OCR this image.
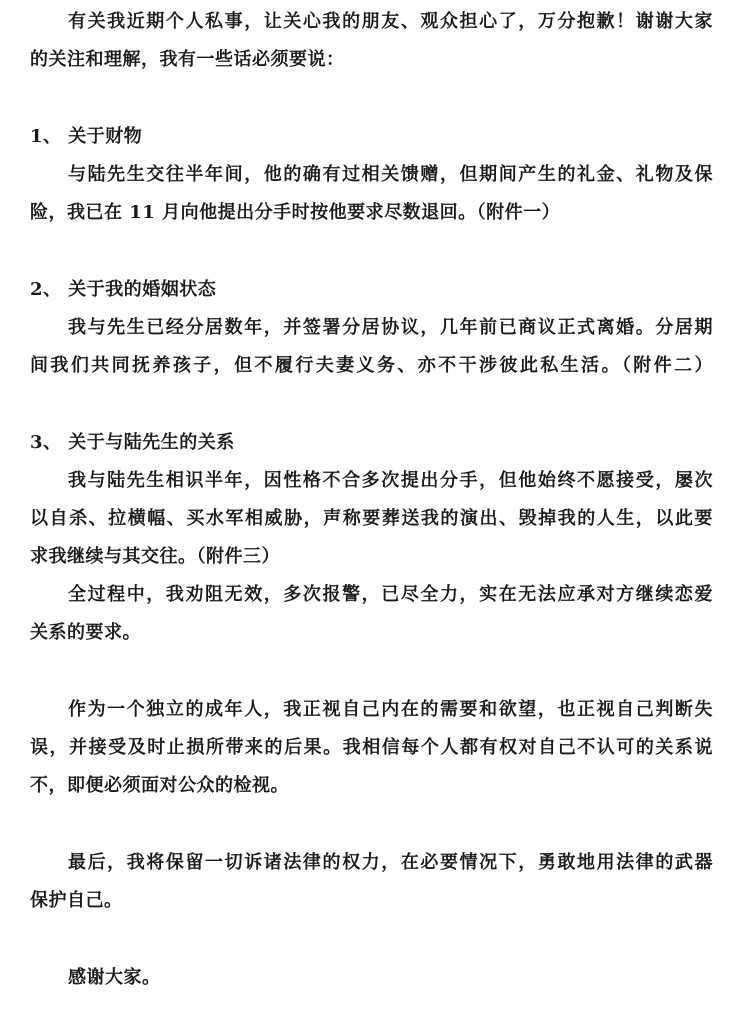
有关我近期个人私事，让关心我的朋友、观众担心了，万分抱歉！谢谢大家
的关注和理解，我有一些话必须要说：
1、 关于财物
与陆先生交往半年间，他的确有过相关馈赠，但期间产生的礼金、礼物及保
险，我已在 11 月向他提出分手时按他要求尽数退回。（附件一）
2、 关于我的婚姻状态
我与先生已经分居数年，并签署分居协议，几年前已商议正式离婚。分居期
间我们共同抚养孩子，但不履行夫妻义务、亦不干涉彼此私生活。（附件二）
3、 关于与陆先生的关系
我与陆先生相识半年，因性格不合多次提出分手，但他始终不愿接受，屡次
以自杀、拉横幅、买水军相威胁，声称要葬送我的演出、毁掉我的人生，以此要
求我继续与其交往。（附件三）
全过程中，我劝阻无效，多次报警，已尽全力，实在无法应承对方继续恋爱
关系的要求。
作为一个独立的成年人，我正视自己内在的需要和欲望，也正视自己判断失
误，并接受及时止损所带来的后果。我相信每个人都有权对自己不认可的关系说
不，即便必须面对公众的检视。
最后，我将保留一切诉诸法律的权力，在必要情况下，勇敢地用法律的武器
保护自己。
感谢大家。
